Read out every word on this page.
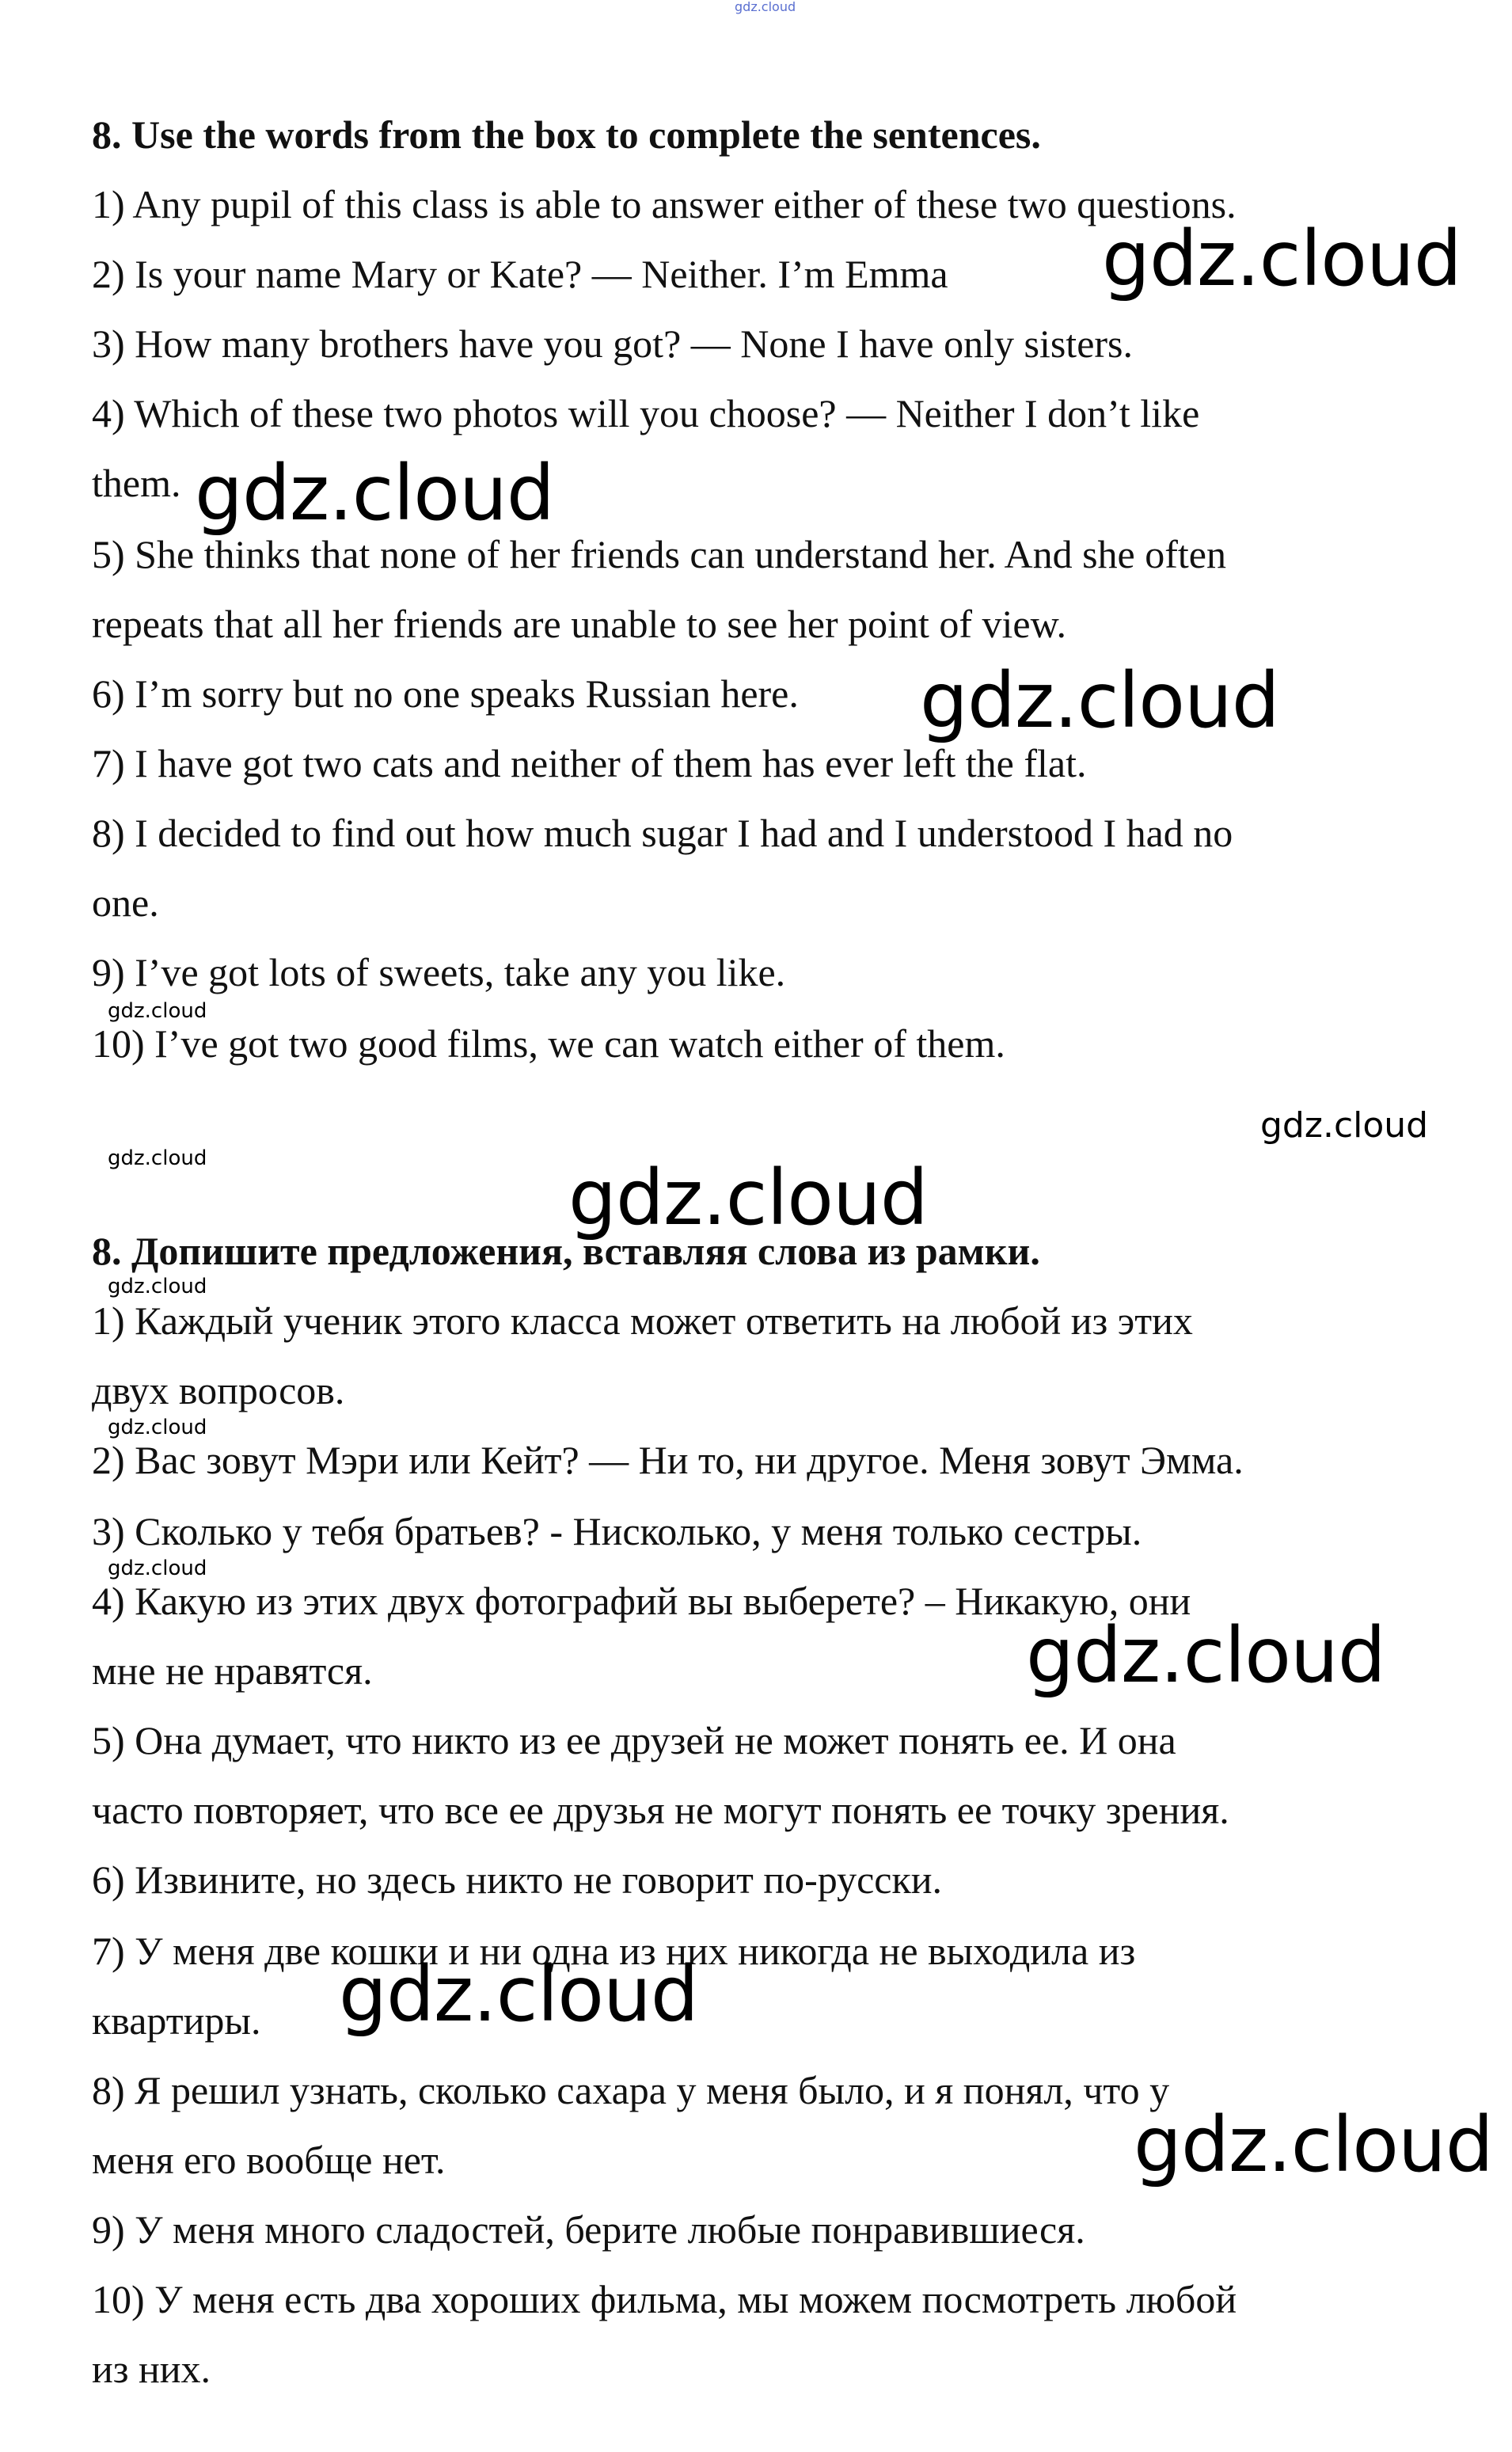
gdz.cloud
8. Use the words from the box to complete the sentences.
1) Any pupil of this class is able to answer either of these two questions.
2) Is your name Mary or Kate? — Neither. I’m Emma
3) How many brothers have you got? — None I have only sisters.
4) Which of these two photos will you choose? — Neither I don’t like
them.
5) She thinks that none of her friends can understand her. And she often
repeats that all her friends are unable to see her point of view.
6) I’m sorry but no one speaks Russian here.
7) I have got two cats and neither of them has ever left the flat.
8) I decided to find out how much sugar I had and I understood I had no
one.
9) I’ve got lots of sweets, take any you like.
10) I’ve got two good films, we can watch either of them.
8. Допишите предложения, вставляя слова из рамки.
1) Каждый ученик этого класса может ответить на любой из этих
двух вопросов.
2) Вас зовут Мэри или Кейт? — Ни то, ни другое. Меня зовут Эмма.
3) Сколько у тебя братьев? - Нисколько, у меня только сестры.
4) Какую из этих двух фотографий вы выберете? – Никакую, они
мне не нравятся.
5) Она думает, что никто из ее друзей не может понять ее. И она
часто повторяет, что все ее друзья не могут понять ее точку зрения.
6) Извините, но здесь никто не говорит по-русски.
7) У меня две кошки и ни одна из них никогда не выходила из
квартиры.
8) Я решил узнать, сколько сахара у меня было, и я понял, что у
меня его вообще нет.
9) У меня много сладостей, берите любые понравившиеся.
10) У меня есть два хороших фильма, мы можем посмотреть любой
из них.
gdz.cloud
gdz.cloud
gdz.cloud
gdz.cloud
gdz.cloud
gdz.cloud
gdz.cloud
gdz.cloud
gdz.cloud
gdz.cloud
gdz.cloud
gdz.cloud
gdz.cloud
